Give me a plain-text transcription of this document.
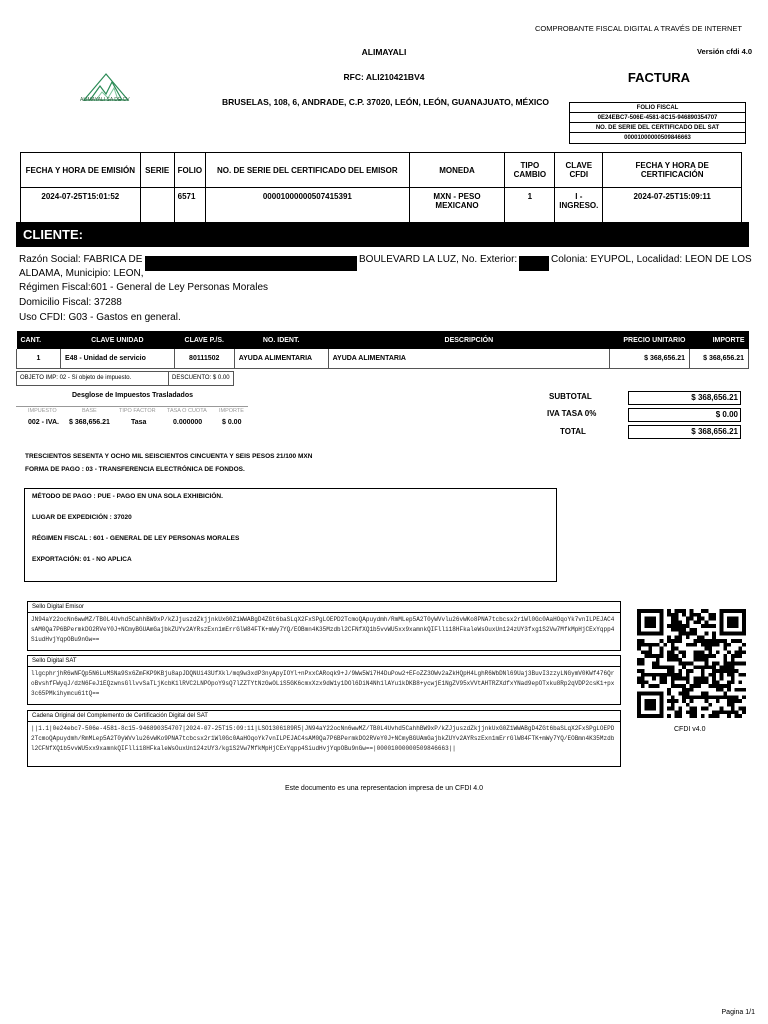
COMPROBANTE FISCAL DIGITAL A TRAVÉS DE INTERNET
ALIMAYALI	Versión cfdi 4.0
RFC: ALI210421BV4	FACTURA
BRUSELAS, 108, 6, ANDRADE, C.P. 37020, LEÓN, LEÓN, GUANAJUATO, MÉXICO
ALIMAYALI SA DE CV
FOLIO FISCAL
0E24EBC7-506E-4581-8C15-946890354707
NO. DE SERIE DEL CERTIFICADO DEL SAT
00001000000509846663
FECHA Y HORA DE EMISIÓN	SERIE	FOLIO	NO. DE SERIE DEL CERTIFICADO DEL EMISOR	MONEDA	TIPO CAMBIO	CLAVE CFDI	FECHA Y HORA DE CERTIFICACIÓN
2024-07-25T15:01:52		6571	00001000000507415391	MXN - PESO MEXICANO	1	I - INGRESO.	2024-07-25T15:09:11
CLIENTE:
Razón Social: FABRICA DE	BOULEVARD LA LUZ, No. Exterior:	Colonia: EYUPOL, Localidad: LEON DE LOS
ALDAMA, Municipio: LEON,
Régimen Fiscal:601 - General de Ley Personas Morales
Domicilio Fiscal: 37288
Uso CFDI: G03 - Gastos en general.
CANT.	CLAVE UNIDAD	CLAVE P./S.	NO. IDENT.	DESCRIPCIÓN	PRECIO UNITARIO	IMPORTE
1	E48 - Unidad de servicio	80111502	AYUDA ALIMENTARIA	AYUDA ALIMENTARIA	$ 368,656.21	$ 368,656.21
OBJETO IMP: 02 - Sí objeto de impuesto.	DESCUENTO: $ 0.00
Desglose de Impuestos Trasladados
IMPUESTO	BASE	TIPO FACTOR TASA O CUOTA IMPORTE
002 - IVA. $ 368,656.21	Tasa	0.000000	$ 0.00
SUBTOTAL	$ 368,656.21
IVA TASA 0%	$ 0.00
TOTAL	$ 368,656.21
TRESCIENTOS SESENTA Y OCHO MIL SEISCIENTOS CINCUENTA Y SEIS PESOS 21/100 MXN
FORMA DE PAGO : 03 - TRANSFERENCIA ELECTRÓNICA DE FONDOS.
MÉTODO DE PAGO : PUE - PAGO EN UNA SOLA EXHIBICIÓN.
LUGAR DE EXPEDICIÓN : 37020
RÉGIMEN FISCAL : 601 - GENERAL DE LEY PERSONAS MORALES
EXPORTACIÓN: 01 - NO APLICA
Sello Digital Emisor
JN94aY22ocNn6wwMZ/TB0L4Uvhd5CahhBW9xP/kZJjuszdZkjjnkUxG0Z1WWABgD4ZGt6baSLqX2FxSPgLOEPD2TcmoQApuydmh/RmMLep5A2T0yWVvlu26vWKo8PNA7tcbcsx2r1Wl0Gc0AaHOqoYk7vnILPEJAC4sAM0Qa7P6BPermkDO2RVeY0J+NCmyBGUAmGajbkZUYv2AYRszExn1mErrGlW84FTK+mWy7YQ/EOBmn4K35Mzdbl2CFNfXQ1b5vvWU5xx9xamnkQIFlli18HFkaleWsOuxUn124zUY3fxg1S2Vw7MfkMpHjCExYqpp4SiudHvjYqpOBu9nGw==
Sello Digital SAT
llgcphrjhR6wNFQp5N6LuMSNa9Sx6ZmFKP9KBju8apJDQNUi43UfXkl/mq9w3xdP3nyApyIOYl+nPxxCARoqk9+J/9Ww5Wi7H4DuPow2+EFoZZ3OWv2aZkHQpH4LghR6WbDNl69Uaj3BuvI3zzyLNGymV0KWf476QroBvshfFWyqJ/dzN6FeJ1EQzwnsGllvvSaTLjKcbK1lRVC2LNPOpoY9sQ7lZZTYtNzGwOLiS5GK6cmxXzx9dW1y1DOl6DiN4Nh1lAYu1kDKB8+ycwjE1NgZV95xVVtAHTRZXdfxYNad9epOTxku8Rp2qVDP2csK1+px3c65PMkihymcu61tQ==
Cadena Original del Complemento de Certificación Digital del SAT
||1.1|0e24ebc7-506e-4581-8c15-946890354707|2024-07-25T15:09:11|LSO1306189R5|JN94aY22ocNn6wwMZ/TB0L4Uvhd5CahhBW9xP/kZJjuszdZkjjnkUxG0Z1WWABgD4ZGt6baSLqX2FxSPgLOEPD2TcmoQApuydmh/RmMLep5A2T0yWVvlu26vWKo9PNA7tcbcsx2r1Wl0Gc0AaHOqoYk7vnILPEJAC4sAM0Qa7P6BPermkDO2RVeY0J+NCmyBGUAmGajbkZUYv2AYRszExn1mErrGlW84FTK+mWy7YQ/EOBmn4K35Mzdbl2CFNfXQ1b5vvWU5xx9xamnkQIFlli18HFkaleWsOuxUn124zUY3/kg1S2Vw7MfkMpHjCExYqpp4SiudHvjYqpOBu9nGw==|00001000000509846663||
CFDI v4.0
Este documento es una representacion impresa de un CFDI 4.0
Pagina 1/1
